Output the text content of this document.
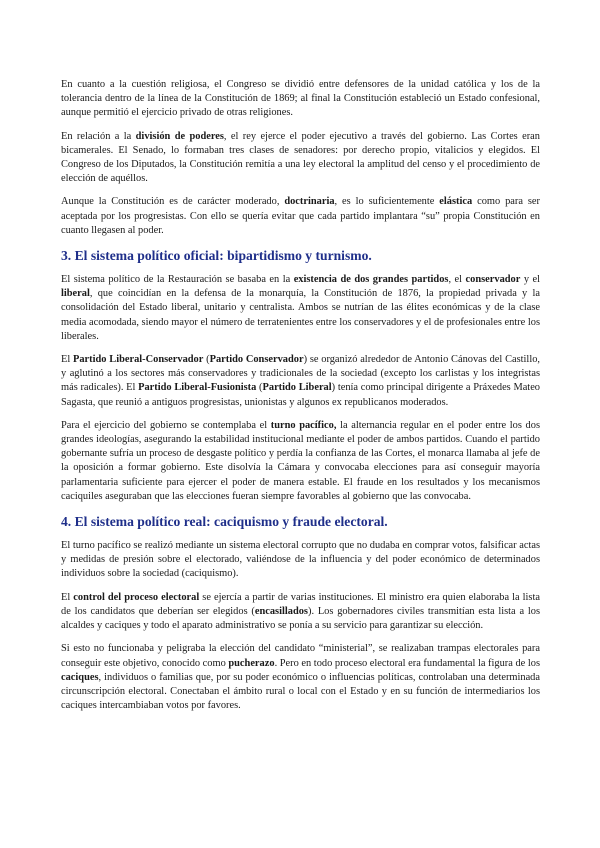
En cuanto a la cuestión religiosa, el Congreso se dividió entre defensores de la unidad católica y los de la tolerancia dentro de la línea de la Constitución de 1869; al final la Constitución estableció un Estado confesional, aunque permitió el ejercicio privado de otras religiones.

En relación a la división de poderes, el rey ejerce el poder ejecutivo a través del gobierno. Las Cortes eran bicamerales. El Senado, lo formaban tres clases de senadores: por derecho propio, vitalicios y elegidos. El Congreso de los Diputados, la Constitución remitía a una ley electoral la amplitud del censo y el procedimiento de elección de aquéllos.

Aunque la Constitución es de carácter moderado, doctrinaria, es lo suficientemente elástica como para ser aceptada por los progresistas. Con ello se quería evitar que cada partido implantara “su” propia Constitución en cuanto llegasen al poder.

3. El sistema político oficial: bipartidismo y turnismo.

El sistema político de la Restauración se basaba en la existencia de dos grandes partidos, el conservador y el liberal, que coincidían en la defensa de la monarquía, la Constitución de 1876, la propiedad privada y la consolidación del Estado liberal, unitario y centralista. Ambos se nutrían de las élites económicas y de la clase media acomodada, siendo mayor el número de terratenientes entre los conservadores y el de profesionales entre los liberales.

El Partido Liberal-Conservador (Partido Conservador) se organizó alrededor de Antonio Cánovas del Castillo, y aglutinó a los sectores más conservadores y tradicionales de la sociedad (excepto los carlistas y los integristas más radicales). El Partido Liberal-Fusionista (Partido Liberal) tenía como principal dirigente a Práxedes Mateo Sagasta, que reunió a antiguos progresistas, unionistas y algunos ex republicanos moderados.

Para el ejercicio del gobierno se contemplaba el turno pacífico, la alternancia regular en el poder entre los dos grandes ideologías, asegurando la estabilidad institucional mediante el poder de ambos partidos. Cuando el partido gobernante sufría un proceso de desgaste político y perdía la confianza de las Cortes, el monarca llamaba al jefe de la oposición a formar gobierno. Este disolvía la Cámara y convocaba elecciones para así conseguir mayoría parlamentaria suficiente para ejercer el poder de manera estable. El fraude en los resultados y los mecanismos caciquiles aseguraban que las elecciones fueran siempre favorables al gobierno que las convocaba.

4. El sistema político real: caciquismo y fraude electoral.

El turno pacífico se realizó mediante un sistema electoral corrupto que no dudaba en comprar votos, falsificar actas y medidas de presión sobre el electorado, valiéndose de la influencia y del poder económico de determinados individuos sobre la sociedad (caciquismo).

El control del proceso electoral se ejercía a partir de varias instituciones. El ministro era quien elaboraba la lista de los candidatos que deberían ser elegidos (encasillados). Los gobernadores civiles transmitían esta lista a los alcaldes y caciques y todo el aparato administrativo se ponía a su servicio para garantizar su elección.

Si esto no funcionaba y peligraba la elección del candidato “ministerial”, se realizaban trampas electorales para conseguir este objetivo, conocido como pucherazo. Pero en todo proceso electoral era fundamental la figura de los caciques, individuos o familias que, por su poder económico o influencias políticas, controlaban una determinada circunscripción electoral. Conectaban el ámbito rural o local con el Estado y en su función de intermediarios los caciques intercambiaban votos por favores.
